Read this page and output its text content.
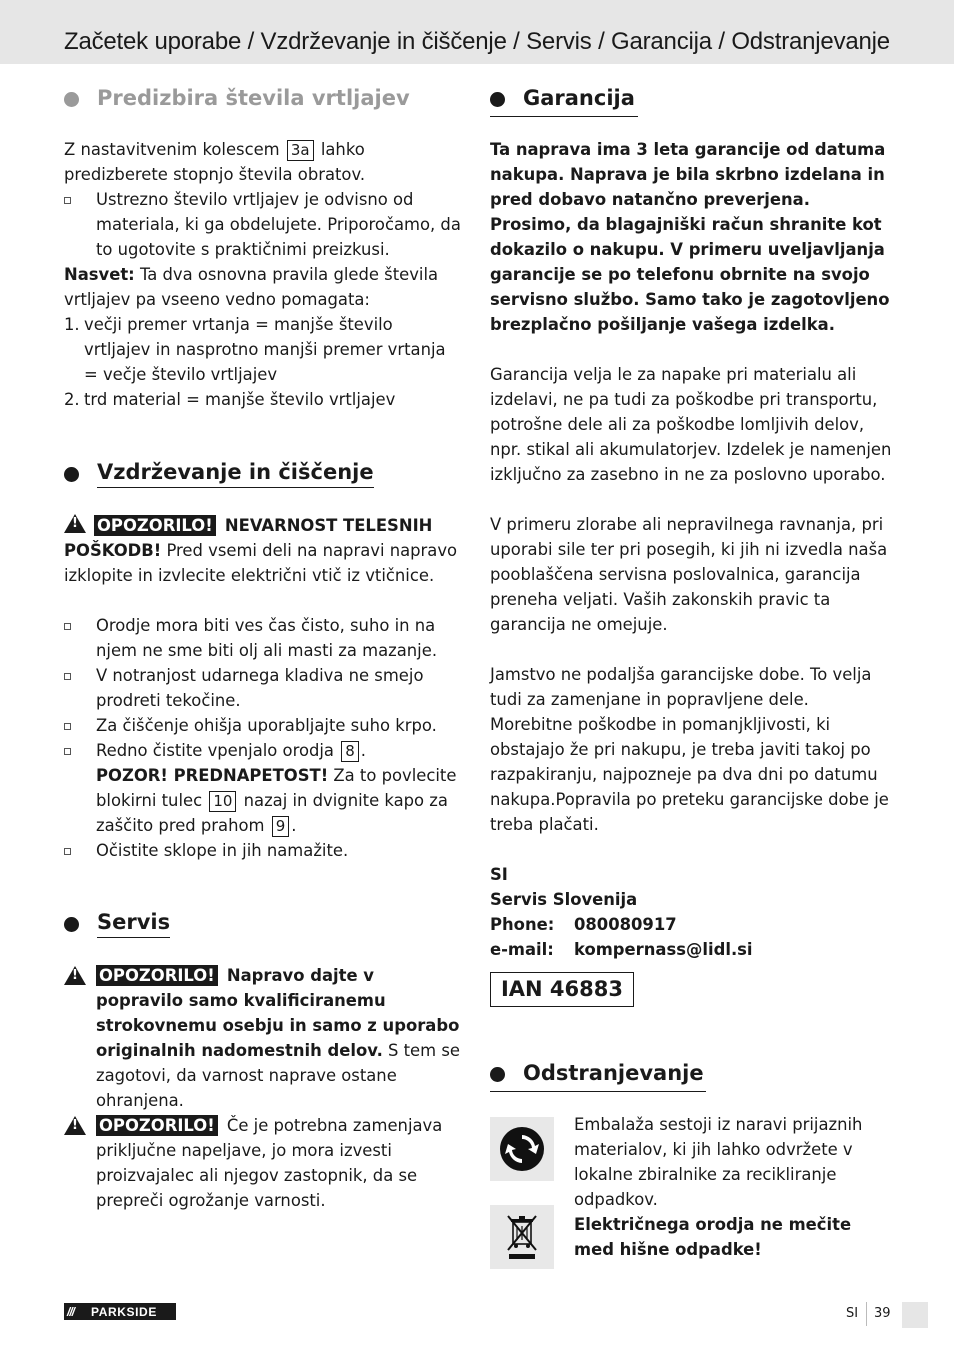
Začetek uporabe / Vzdrževanje in čiščenje / Servis / Garancija / Odstranjevanje
Predizbira števila vrtljajev

Z nastavitvenim kolescem 3a lahko predizberete stopnjo števila obratov.

Ustrezno število vrtljajev je odvisno od materiala, ki ga obdelujete. Priporočamo, da to ugotovite s praktičnimi preizkusi.

Nasvet: Ta dva osnovna pravila glede števila vrtljajev pa vseeno vedno pomagata:

1. večji premer vrtanja = manjše število vrtljajev in nasprotno manjši premer vrtanja = večje število vrtljajev

2. trd material = manjše število vrtljajev

Vzdrževanje in čiščenje

!OPOZORILO! NEVARNOST TELESNIH POŠKODB! Pred vsemi deli na napravi napravo izklopite in izvlecite električni vtič iz vtičnice.

Orodje mora biti ves čas čisto, suho in na njem ne sme biti olj ali masti za mazanje.

V notranjost udarnega kladiva ne smejo prodreti tekočine.

Za čiščenje ohišja uporabljajte suho krpo.

Redno čistite vpenjalo orodja 8 .

POZOR! PREDNAPETOST! Za to povlecite blokirni tulec 10 nazaj in dvignite kapo za zaščito pred prahom 9 .

Očistite sklope in jih namažite.

Servis

!
OPOZORILO! Napravo dajte v popravilo samo kvalificiranemu strokovnemu osebju in samo z uporabo originalnih nadomestnih delov. S tem se zagotovi, da varnost naprave ostane ohranjena.

!
OPOZORILO! Če je potrebna zamenjava priključne napeljave, jo mora izvesti proizvajalec ali njegov zastopnik, da se prepreči ogrožanje varnosti.

Garancija

Ta naprava ima 3 leta garancije od datuma nakupa. Naprava je bila skrbno izdelana in pred dobavo natančno preverjena. Prosimo, da blagajniški račun shranite kot dokazilo o nakupu. V primeru uveljavljanja garancije se po telefonu obrnite na svojo servisno službo. Samo tako je zagotovljeno brezplačno pošiljanje vašega izdelka.

Garancija velja le za napake pri materialu ali izdelavi, ne pa tudi za poškodbe pri transportu, potrošne dele ali za poškodbe lomljivih delov, npr. stikal ali akumulatorjev. Izdelek je namenjen izključno za zasebno in ne za poslovno uporabo.

V primeru zlorabe ali nepravilnega ravnanja, pri uporabi sile ter pri posegih, ki jih ni izvedla naša pooblaščena servisna poslovalnica, garancija preneha veljati. Vaših zakonskih pravic ta garancija ne omejuje.

Jamstvo ne podaljša garancijske dobe. To velja tudi za zamenjane in popravljene dele. Morebitne poškodbe in pomanjkljivosti, ki obstajajo že pri nakupu, je treba javiti takoj po razpakiranju, najpozneje pa dva dni po datumu nakupa.Popravila po preteku garancijske dobe je treba plačati.

SI

Servis Slovenija

Phone: 080080917

e-mail: kompernass@lidl.si

IAN 46883
Odstranjevanje

Embalaža sestoji iz naravi prijaznih materialov, ki jih lahko odvržete v lokalne zbiralnike za recikliranje odpadkov.

Električnega orodja ne mečite med hišne odpadke!

///	PARKSIDE	SI 39
